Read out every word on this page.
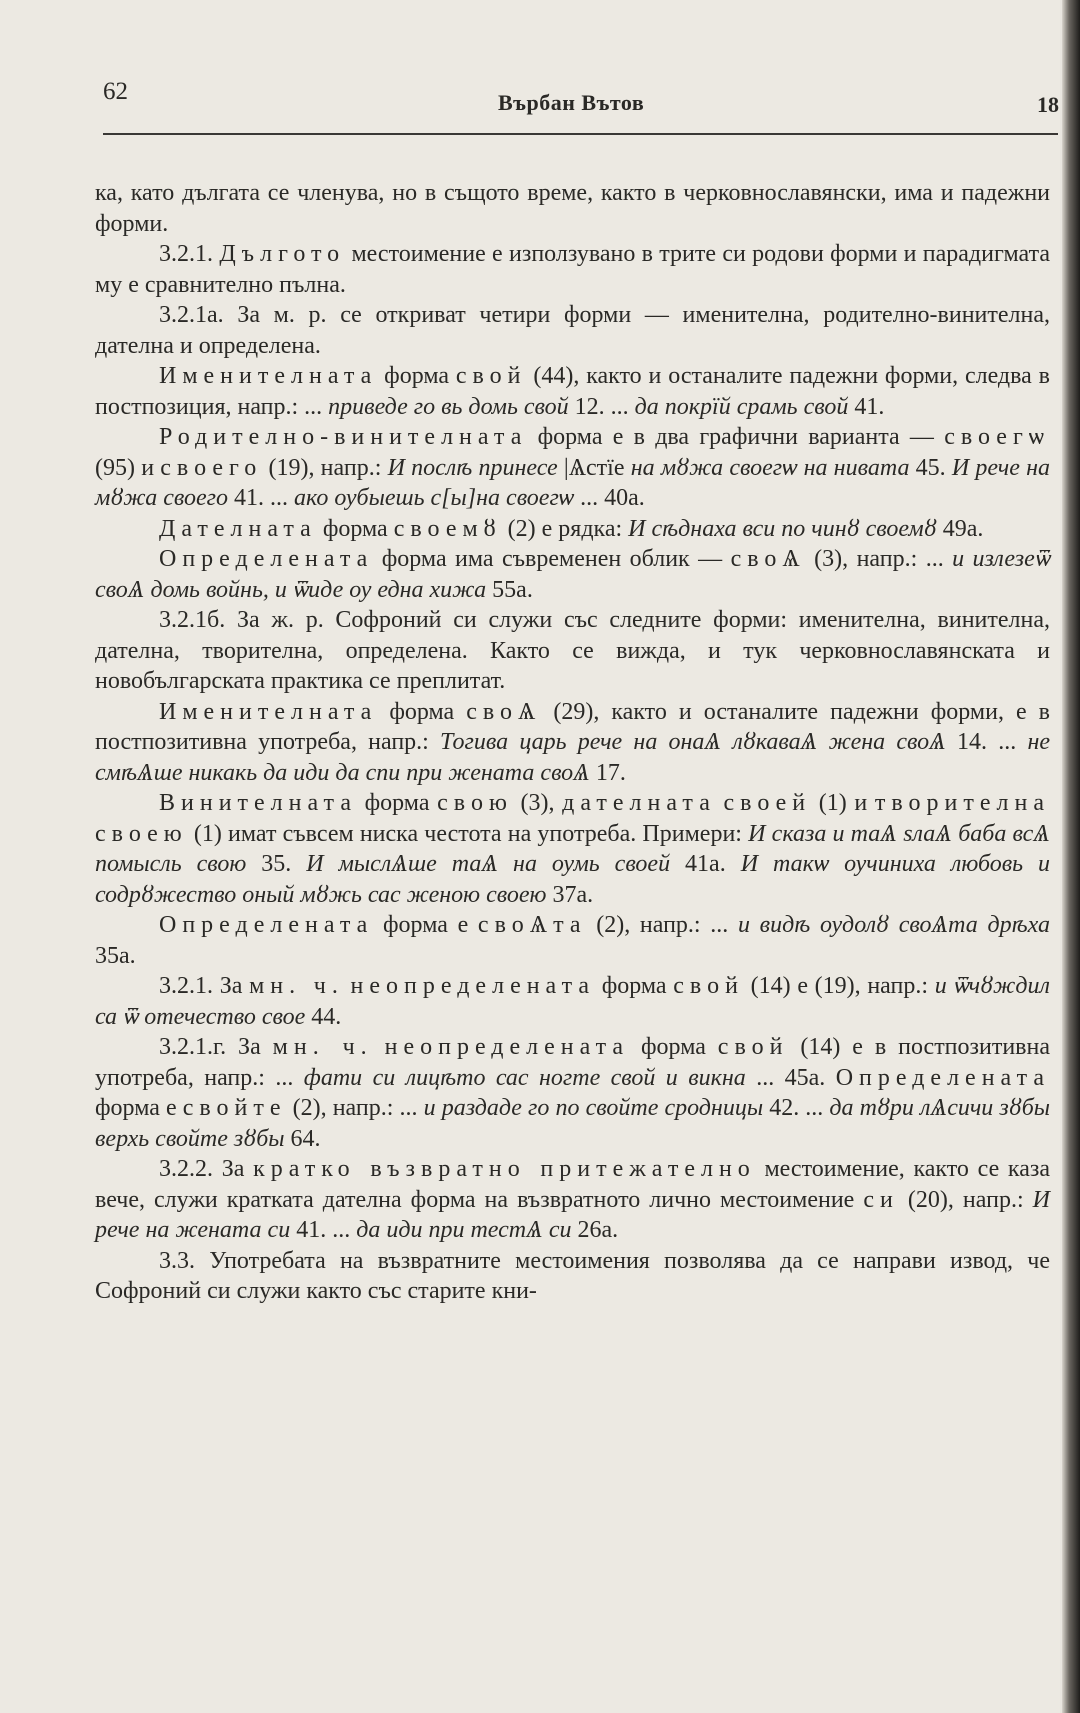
62	Върбан Вътов	18

ка, като дългата се членува, но в същото време, както в черковнославянски, има и падежни форми.

3.2.1. Дългото местоимение е използувано в трите си родови форми и парадигмата му е сравнително пълна.

3.2.1а. За м. р. се откриват четири форми — именителна, родително-винителна, дателна и определена.

Именителната форма свой (44), както и останалите падежни форми, следва в постпозиция, напр.: ... приведе го вь домь свой 12. ... да покрїй срамь свой 41.

Родително-винителната форма е в два графични варианта — своегѡ (95) и своего (19), напр.: И послѣ принесе |Ѧстїе на мȣжа своегѡ на нивата 45. И рече на мȣжа своего 41. ... ако оубыешь с[ы]на своегѡ ... 40а.

Дателната форма своемȣ (2) е рядка: И сѣднаха вси по чинȣ своемȣ 49а.

Определената форма има съвременен облик — своѦ (3), напр.: ... и излезеѿ своѦ домь войнь, и ѿиде оу една хижа 55а.

3.2.1б. За ж. р. Софроний си служи със следните форми: именителна, винителна, дателна, творителна, определена. Както се вижда, и тук черковнославянската и новобългарската практика се преплитат.

Именителната форма своѦ (29), както и останалите падежни форми, е в постпозитивна употреба, напр.: Тогива царь рече на онаѦ лȣкаваѦ жена своѦ 14. ... не смѣѦше никакь да иди да спи при жената своѦ 17.

Винителната форма свою (3), дателната своей (1) и творителна своею (1) имат съвсем ниска честота на употреба. Примери: И сказа и таѦ ѕлаѦ баба всѦ помысль свою 35. И мыслѦше таѦ на оумь своей 41а. И такѡ оучиниха любовь и содрȣжество оный мȣжь сас женою своею 37а.

Определената форма е своѦта (2), напр.: ... и видѣ оудолȣ своѦта дрѣха 35а.

3.2.1. За мн. ч. неопределената форма свой (14) е (19), напр.: и ѿчȣждил са ѿ отечество свое 44.

3.2.1.г. За мн. ч. неопределената форма свой (14) е в постпозитивна употреба, напр.: ... фати си лицѣто сас ногте свой и викна ... 45а. Определената форма е свойте (2), напр.: ... и раздаде го по свойте сродницы 42. ... да тȣри лѦсичи зȣбы верхь свойте зȣбы 64.

3.2.2. За кратко възвратно притежателно местоимение, както се каза вече, служи кратката дателна форма на възвратното лично местоимение си (20), напр.: И рече на жената си 41. ... да иди при тестѦ си 26а.

3.3. Употребата на възвратните местоимения позволява да се направи извод, че Софроний си служи както със старите кни-
